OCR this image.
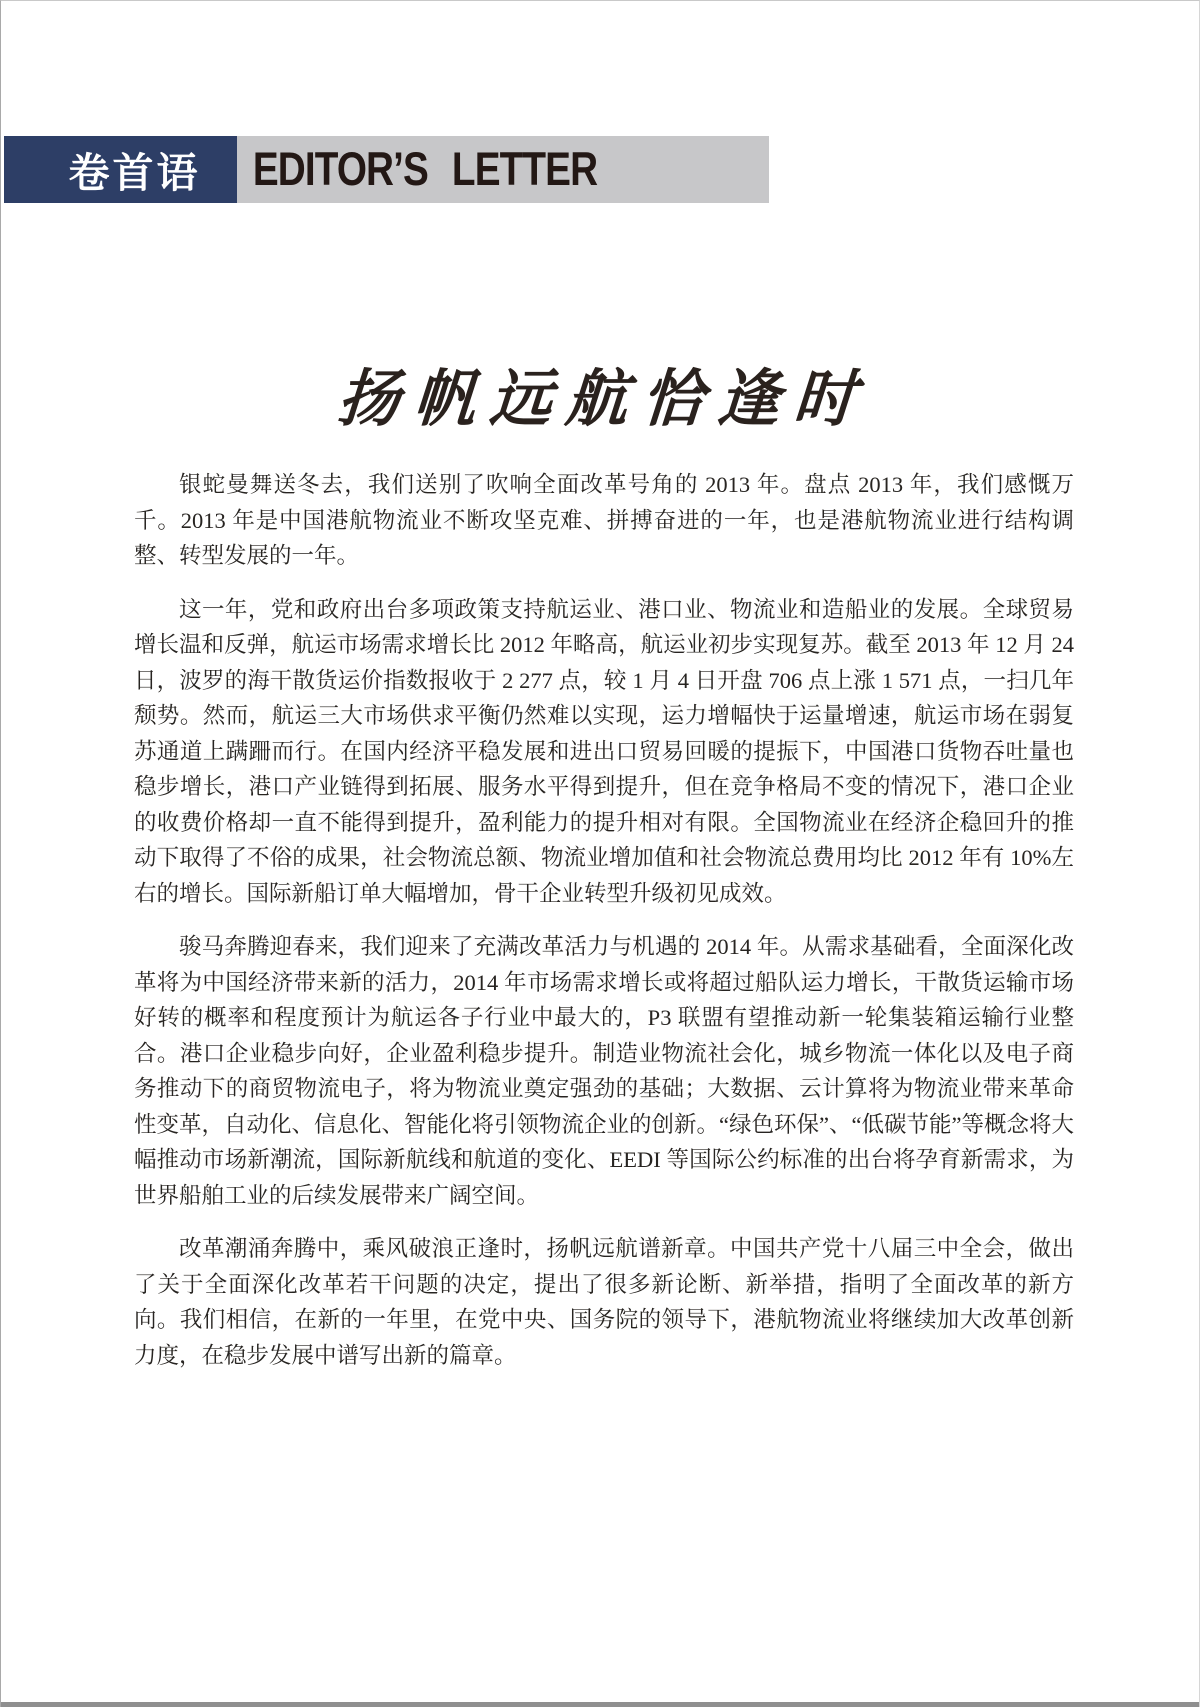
卷首语	EDITOR’S LETTER
扬帆远航恰逢时

银蛇曼舞送冬去，我们送别了吹响全面改革号角的 2013 年。盘点 2013 年，我们感慨万千。2013 年是中国港航物流业不断攻坚克难、拼搏奋进的一年，也是港航物流业进行结构调整、转型发展的一年。

这一年，党和政府出台多项政策支持航运业、港口业、物流业和造船业的发展。全球贸易增长温和反弹，航运市场需求增长比 2012 年略高，航运业初步实现复苏。截至 2013 年 12 月 24 日，波罗的海干散货运价指数报收于 2 277 点，较 1 月 4 日开盘 706 点上涨 1 571 点，一扫几年颓势。然而，航运三大市场供求平衡仍然难以实现，运力增幅快于运量增速，航运市场在弱复苏通道上蹒跚而行。在国内经济平稳发展和进出口贸易回暖的提振下，中国港口货物吞吐量也稳步增长，港口产业链得到拓展、服务水平得到提升，但在竞争格局不变的情况下，港口企业的收费价格却一直不能得到提升，盈利能力的提升相对有限。全国物流业在经济企稳回升的推动下取得了不俗的成果，社会物流总额、物流业增加值和社会物流总费用均比 2012 年有 10%左右的增长。国际新船订单大幅增加，骨干企业转型升级初见成效。

骏马奔腾迎春来，我们迎来了充满改革活力与机遇的 2014 年。从需求基础看，全面深化改革将为中国经济带来新的活力，2014 年市场需求增长或将超过船队运力增长，干散货运输市场好转的概率和程度预计为航运各子行业中最大的，P3 联盟有望推动新一轮集装箱运输行业整合。港口企业稳步向好，企业盈利稳步提升。制造业物流社会化，城乡物流一体化以及电子商务推动下的商贸物流电子，将为物流业奠定强劲的基础；大数据、云计算将为物流业带来革命性变革，自动化、信息化、智能化将引领物流企业的创新。“绿色环保”、“低碳节能”等概念将大幅推动市场新潮流，国际新航线和航道的变化、EEDI 等国际公约标准的出台将孕育新需求，为世界船舶工业的后续发展带来广阔空间。

改革潮涌奔腾中，乘风破浪正逢时，扬帆远航谱新章。中国共产党十八届三中全会，做出了关于全面深化改革若干问题的决定，提出了很多新论断、新举措，指明了全面改革的新方向。我们相信，在新的一年里，在党中央、国务院的领导下，港航物流业将继续加大改革创新力度，在稳步发展中谱写出新的篇章。
